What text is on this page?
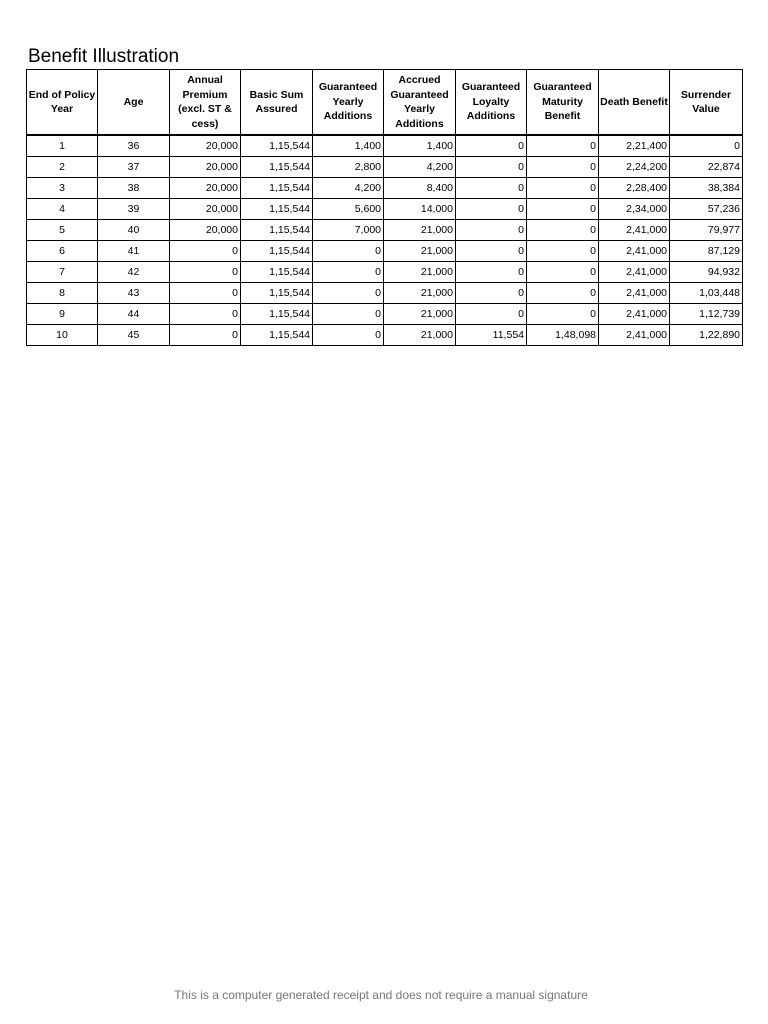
Benefit Illustration
End of Policy Year	Age	Annual Premium (excl. ST & cess)	Basic Sum Assured	Guaranteed Yearly Additions	Accrued Guaranteed Yearly Additions	Guaranteed Loyalty Additions	Guaranteed Maturity Benefit	Death Benefit	Surrender Value
1	36	20,000	1,15,544	1,400	1,400	0	0	2,21,400	0
2	37	20,000	1,15,544	2,800	4,200	0	0	2,24,200	22,874
3	38	20,000	1,15,544	4,200	8,400	0	0	2,28,400	38,384
4	39	20,000	1,15,544	5,600	14,000	0	0	2,34,000	57,236
5	40	20,000	1,15,544	7,000	21,000	0	0	2,41,000	79,977
6	41	0	1,15,544	0	21,000	0	0	2,41,000	87,129
7	42	0	1,15,544	0	21,000	0	0	2,41,000	94,932
8	43	0	1,15,544	0	21,000	0	0	2,41,000	1,03,448
9	44	0	1,15,544	0	21,000	0	0	2,41,000	1,12,739
10	45	0	1,15,544	0	21,000	11,554	1,48,098	2,41,000	1,22,890
This is a computer generated receipt and does not require a manual signature
